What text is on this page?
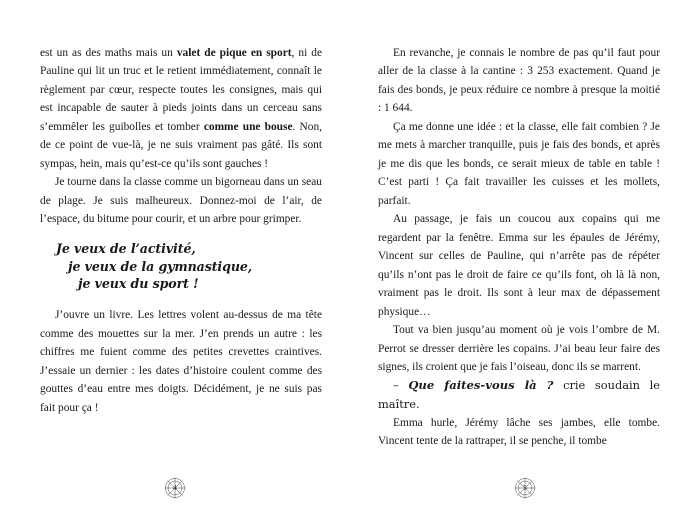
est un as des maths mais un valet de pique en sport, ni de Pauline qui lit un truc et le retient immédiatement, connaît le règlement par cœur, respecte toutes les consignes, mais qui est incapable de sauter à pieds joints dans un cerceau sans s’emmêler les guibolles et tomber comme une bouse. Non, de ce point de vue-là, je ne suis vraiment pas gâté. Ils sont sympas, hein, mais qu’est-ce qu’ils sont gauches !

Je tourne dans la classe comme un bigorneau dans un seau de plage. Je suis malheureux. Donnez-moi de l’air, de l’espace, du bitume pour courir, et un arbre pour grimper.

Je veux de l’activité,
je veux de la gymnastique,
je veux du sport !

J’ouvre un livre. Les lettres volent au-dessus de ma tête comme des mouettes sur la mer. J’en prends un autre : les chiffres me fuient comme des petites crevettes craintives. J’essaie un dernier : les dates d’histoire coulent comme des gouttes d’eau entre mes doigts. Décidément, je ne suis pas fait pour ça !

4

En revanche, je connais le nombre de pas qu’il faut pour aller de la classe à la cantine : 3 253 exactement. Quand je fais des bonds, je peux réduire ce nombre à presque la moitié : 1 644.

Ça me donne une idée : et la classe, elle fait combien ? Je me mets à marcher tranquille, puis je fais des bonds, et après je me dis que les bonds, ce serait mieux de table en table ! C’est parti ! Ça fait travailler les cuisses et les mollets, parfait.

Au passage, je fais un coucou aux copains qui me regardent par la fenêtre. Emma sur les épaules de Jérémy, Vincent sur celles de Pauline, qui n’arrête pas de répéter qu’ils n’ont pas le droit de faire ce qu’ils font, oh là là non, vraiment pas le droit. Ils sont à leur max de dépassement physique…

Tout va bien jusqu’au moment où je vois l’ombre de M. Perrot se dresser derrière les copains. J’ai beau leur faire des signes, ils croient que je fais l’oiseau, donc ils se marrent.

– Que faites-vous là ? crie soudain le maître.

Emma hurle, Jérémy lâche ses jambes, elle tombe. Vincent tente de la rattraper, il se penche, il tombe

5
